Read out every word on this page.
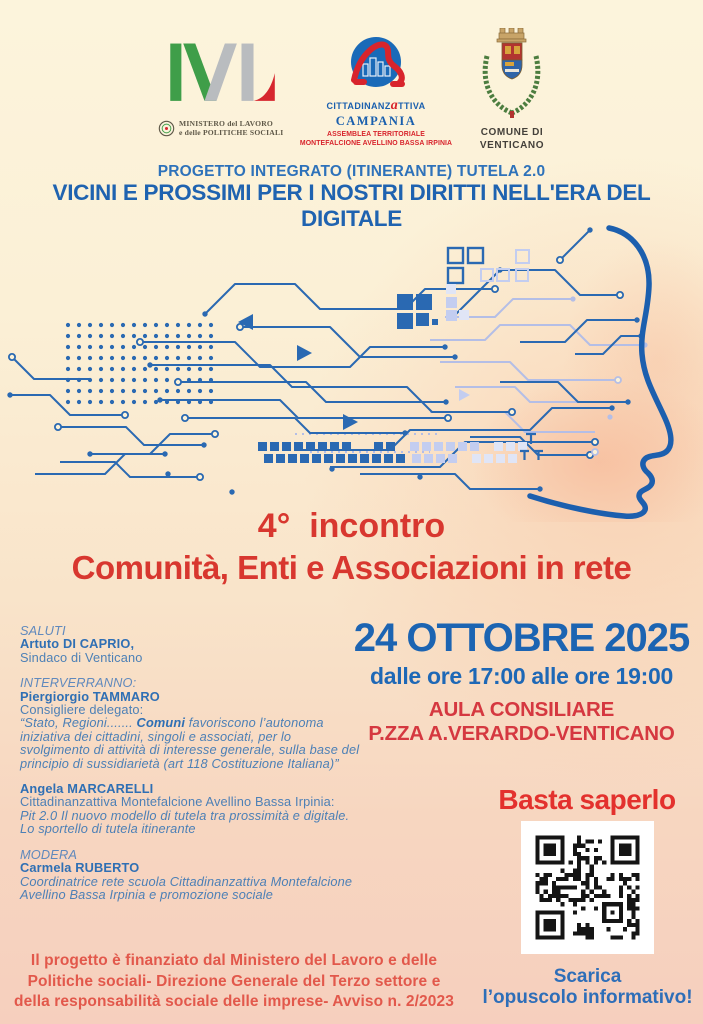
MINISTERO del LAVORO
e delle POLITICHE SOCIALI
CITTADINANZaTTIVA
CAMPANIA
ASSEMBLEA TERRITORIALE
MONTEFALCIONE AVELLINO BASSA IRPINIA
COMUNE DI
VENTICANO
PROGETTO INTEGRATO (ITINERANTE) TUTELA 2.0
VICINI E PROSSIMI PER I NOSTRI DIRITTI NELL'ERA DEL DIGITALE
4°  incontro
Comunità, Enti e Associazioni in rete
SALUTI
Artuto DI CAPRIO,
Sindaco di Venticano
INTERVERRANNO:
Piergiorgio TAMMARO
Consigliere delegato:
“Stato, Regioni....... Comuni favoriscono l’autonoma iniziativa dei cittadini, singoli e associati, per lo svolgimento di attività di interesse generale, sulla base del principio di sussidiarietà (art 118 Costituzione Italiana)”
Angela MARCARELLI
Cittadinanzattiva Montefalcione Avellino Bassa Irpinia:
Pit 2.0 Il nuovo modello di tutela tra prossimità e digitale. Lo sportello di tutela itinerante
MODERA
Carmela RUBERTO
Coordinatrice rete scuola Cittadinanzattiva Montefalcione Avellino Bassa Irpinia e promozione sociale
24 OTTOBRE 2025
dalle ore 17:00 alle ore 19:00
AULA CONSILIARE
P.ZZA A.VERARDO-VENTICANO
Basta saperlo
Scarica
l’opuscolo informativo!
Il progetto è finanziato dal Ministero del Lavoro e delle Politiche sociali- Direzione Generale del Terzo settore e della responsabilità sociale delle imprese- Avviso n. 2/2023
